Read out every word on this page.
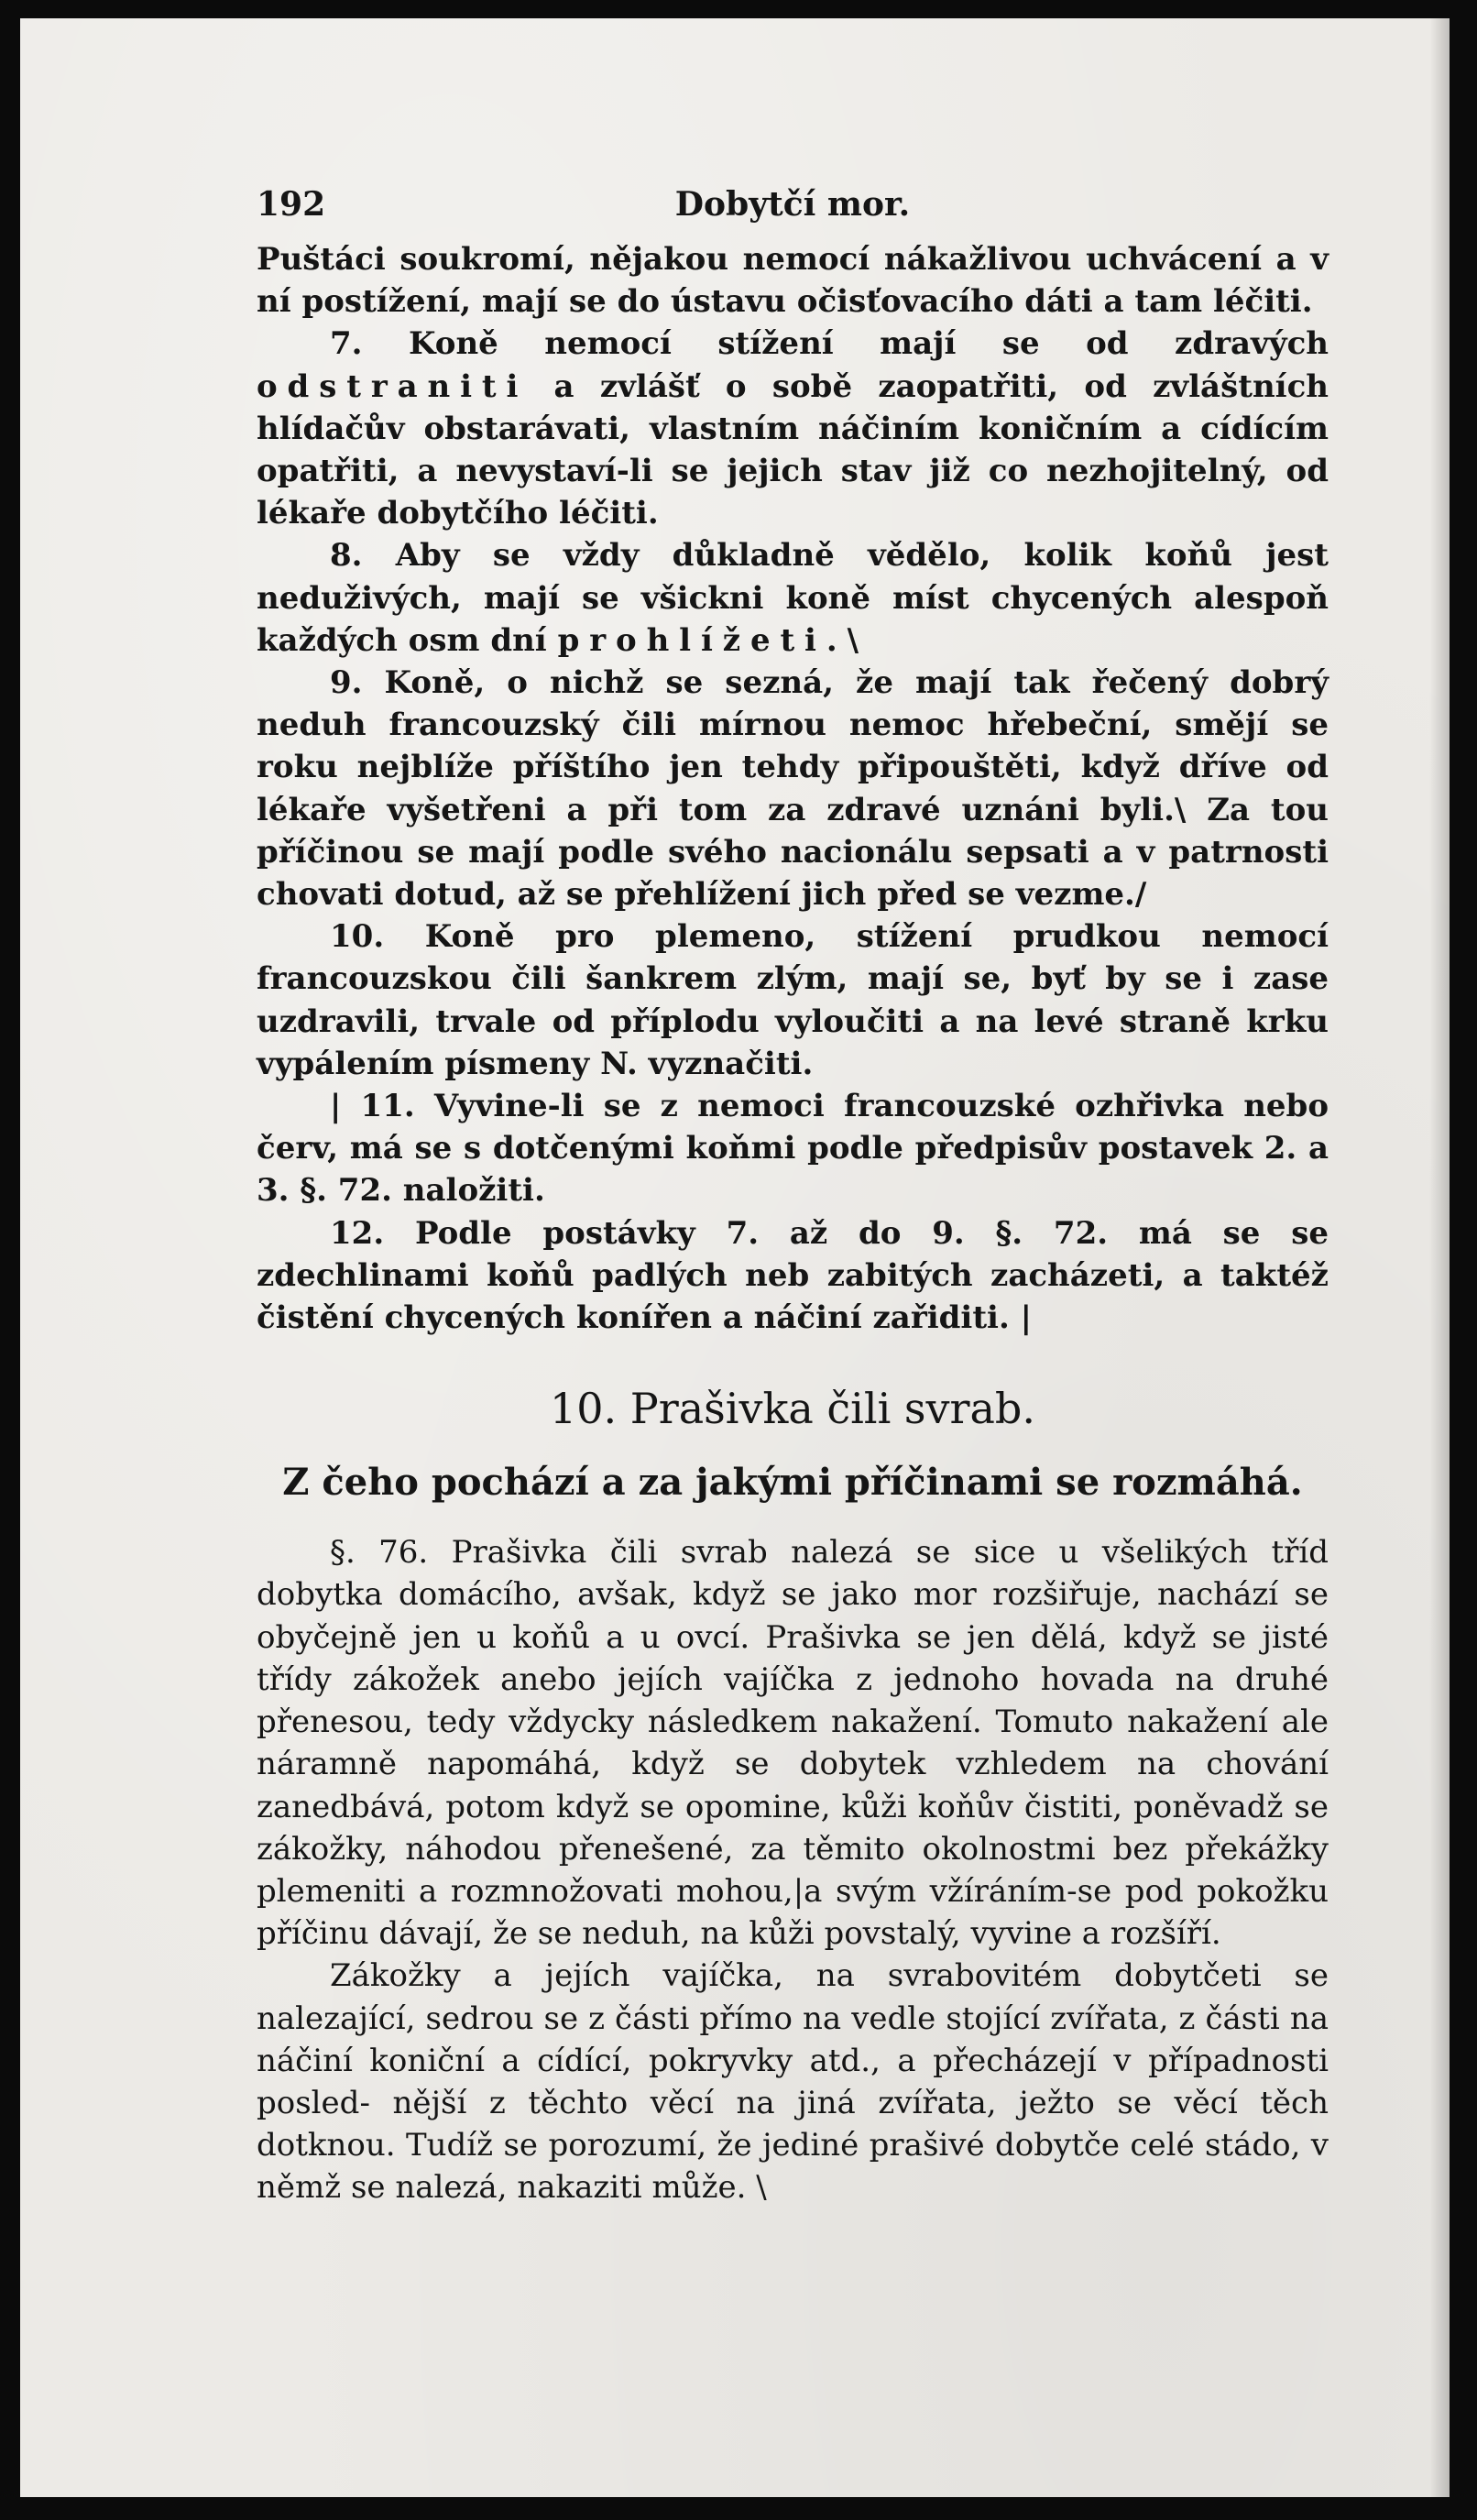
192	Dobytčí mor.

Puštáci soukromí, nějakou nemocí nákažlivou uchvácení a v ní postížení, mají se do ústavu očisťovacího dáti a tam léčiti.

7. Koně nemocí stížení mají se od zdravých odstraniti a zvlášť o sobě zaopatřiti, od zvláštních hlídačův obstarávati, vlastním náčiním koničním a cídícím opatřiti, a nevystaví-li se jejich stav již co nezhojitelný, od lékaře dobytčího léčiti.

8. Aby se vždy důkladně vědělo, kolik koňů jest neduživých, mají se všickni koně míst chycených alespoň každých osm dní prohlížeti.\

9. Koně, o nichž se sezná, že mají tak řečený dobrý neduh francouzský čili mírnou nemoc hřebeční, smějí se roku nejblíže příštího jen tehdy připouštěti, když dříve od lékaře vyšetřeni a při tom za zdravé uznáni byli.\ Za tou příčinou se mají podle svého nacionálu sepsati a v patrnosti chovati dotud, až se přehlížení jich před se vezme./

10. Koně pro plemeno, stížení prudkou nemocí francouzskou čili šankrem zlým, mají se, byť by se i zase uzdravili, trvale od příplodu vyloučiti a na levé straně krku vypálením písmeny N. vyznačiti.

| 11. Vyvine-li se z nemoci francouzské ozhřivka nebo červ, má se s dotčenými koňmi podle předpisův postavek 2. a 3. §. 72. naložiti.

12. Podle postávky 7. až do 9. §. 72. má se se zdechlinami koňů padlých neb zabitých zacházeti, a taktéž čistění chycených konířen a náčiní zařiditi. |

10. Prašivka čili svrab.
Z čeho pochází a za jakými příčinami se rozmáhá.

§. 76. Prašivka čili svrab nalezá se sice u všelikých tříd dobytka domácího, avšak, když se jako mor rozšiřuje, nachází se obyčejně jen u koňů a u ovcí. Prašivka se jen dělá, když se jisté třídy zákožek anebo jejích vajíčka z jednoho hovada na druhé přenesou, tedy vždycky následkem nakažení. Tomuto nakažení ale náramně napomáhá, když se dobytek vzhledem na chování zanedbává, potom když se opomine, kůži koňův čistiti, poněvadž se zákožky, náhodou přenešené, za těmito okolnostmi bez překážky plemeniti a rozmnožovati mohou,|a svým vžíráním-se pod pokožku příčinu dávají, že se neduh, na kůži povstalý, vyvine a rozšíří.

Zákožky a jejích vajíčka, na svrabovitém dobytčeti se nalezající, sedrou se z části přímo na vedle stojící zvířata, z části na náčiní koniční a cídící, pokryvky atd., a přecházejí v případnosti posled- nější z těchto věcí na jiná zvířata, ježto se věcí těch dotknou. Tudíž se porozumí, že jediné prašivé dobytče celé stádo, v němž se nalezá, nakaziti může. \
